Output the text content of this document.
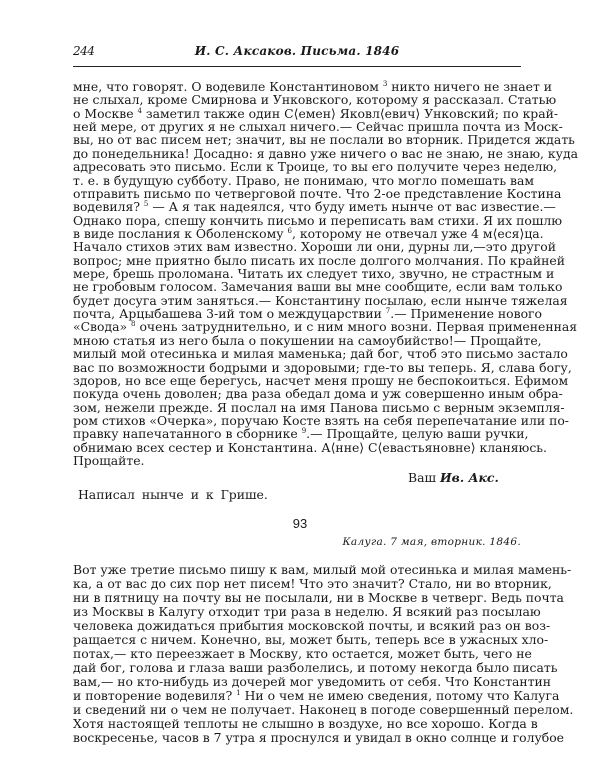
244	И. С. Аксаков. Письма. 1846
мне, что говорят. О водевиле Константиновом $^3$ никто ничего не знает и
не слыхал, кроме Смирнова и Унковского, которому я рассказал. Статью
о Москве $^4$ заметил также один С⟨емен⟩ Яковл⟨евич⟩ Унковский; по край-
ней мере, от других я не слыхал ничего.— Сейчас пришла почта из Моск-
вы, но от вас писем нет; значит, вы не послали во вторник. Придется ждать
до понедельника! Досадно: я давно уже ничего о вас не знаю, не знаю, куда
адресовать это письмо. Если к Троице, то вы его получите через неделю,
т. е. в будущую субботу. Право, не понимаю, что могло помешать вам
отправить письмо по четверговой почте. Что 2-ое представление Костина
водевиля? $^5$ — А я так надеялся, что буду иметь нынче от вас известие.—
Однако пора, спешу кончить письмо и переписать вам стихи. Я их пошлю
в виде послания к Оболенскому $^6$, которому не отвечал уже 4 м⟨еся⟩ца.
Начало стихов этих вам известно. Хороши ли они, дурны ли,—это другой
вопрос; мне приятно было писать их после долгого молчания. По крайней
мере, брешь проломана. Читать их следует тихо, звучно, не страстным и
не гробовым голосом. Замечания ваши вы мне сообщите, если вам только
будет досуга этим заняться.— Константину посылаю, если нынче тяжелая
почта, Арцыбашева 3-ий том о междуцарствии $^7$.— Применение нового
«Свода» $^8$ очень затруднительно, и с ним много возни. Первая примененная
мною статья из него была о покушении на самоубийство!— Прощайте,
милый мой отесинька и милая маменька; дай бог, чтоб это письмо застало
вас по возможности бодрыми и здоровыми; где-то вы теперь. Я, слава богу,
здоров, но все еще берегусь, насчет меня прошу не беспокоиться. Ефимом
покуда очень доволен; два раза обедал дома и уж совершенно иным обра-
зом, нежели прежде. Я послал на имя Панова письмо с верным экземпля-
ром стихов «Очерка», поручаю Косте взять на себя перепечатание или по-
правку напечатанного в сборнике $^9$.— Прощайте, целую ваши ручки,
обнимаю всех сестер и Константина. А⟨нне⟩ С⟨евастьяновне⟩ кланяюсь.
Прощайте.
Ваш Ив. Акс.
Написал нынче и к Грише.
93
Калуга. 7 мая, вторник. 1846.
Вот уже третие письмо пишу к вам, милый мой отесинька и милая мамень-
ка, а от вас до сих пор нет писем! Что это значит? Стало, ни во вторник,
ни в пятницу на почту вы не посылали, ни в Москве в четверг. Ведь почта
из Москвы в Калугу отходит три раза в неделю. Я всякий раз посылаю
человека дожидаться прибытия московской почты, и всякий раз он воз-
ращается с ничем. Конечно, вы, может быть, теперь все в ужасных хло-
потах,— кто переезжает в Москву, кто остается, может быть, чего не
дай бог, голова и глаза ваши разболелись, и потому некогда было писать
вам,— но кто-нибудь из дочерей мог уведомить от себя. Что Константин
и повторение водевиля? $^1$ Ни о чем не имею сведения, потому что Калуга
и сведений ни о чем не получает. Наконец в погоде совершенный перелом.
Хотя настоящей теплоты не слышно в воздухе, но все хорошо. Когда в
воскресенье, часов в 7 утра я проснулся и увидал в окно солнце и голубое
